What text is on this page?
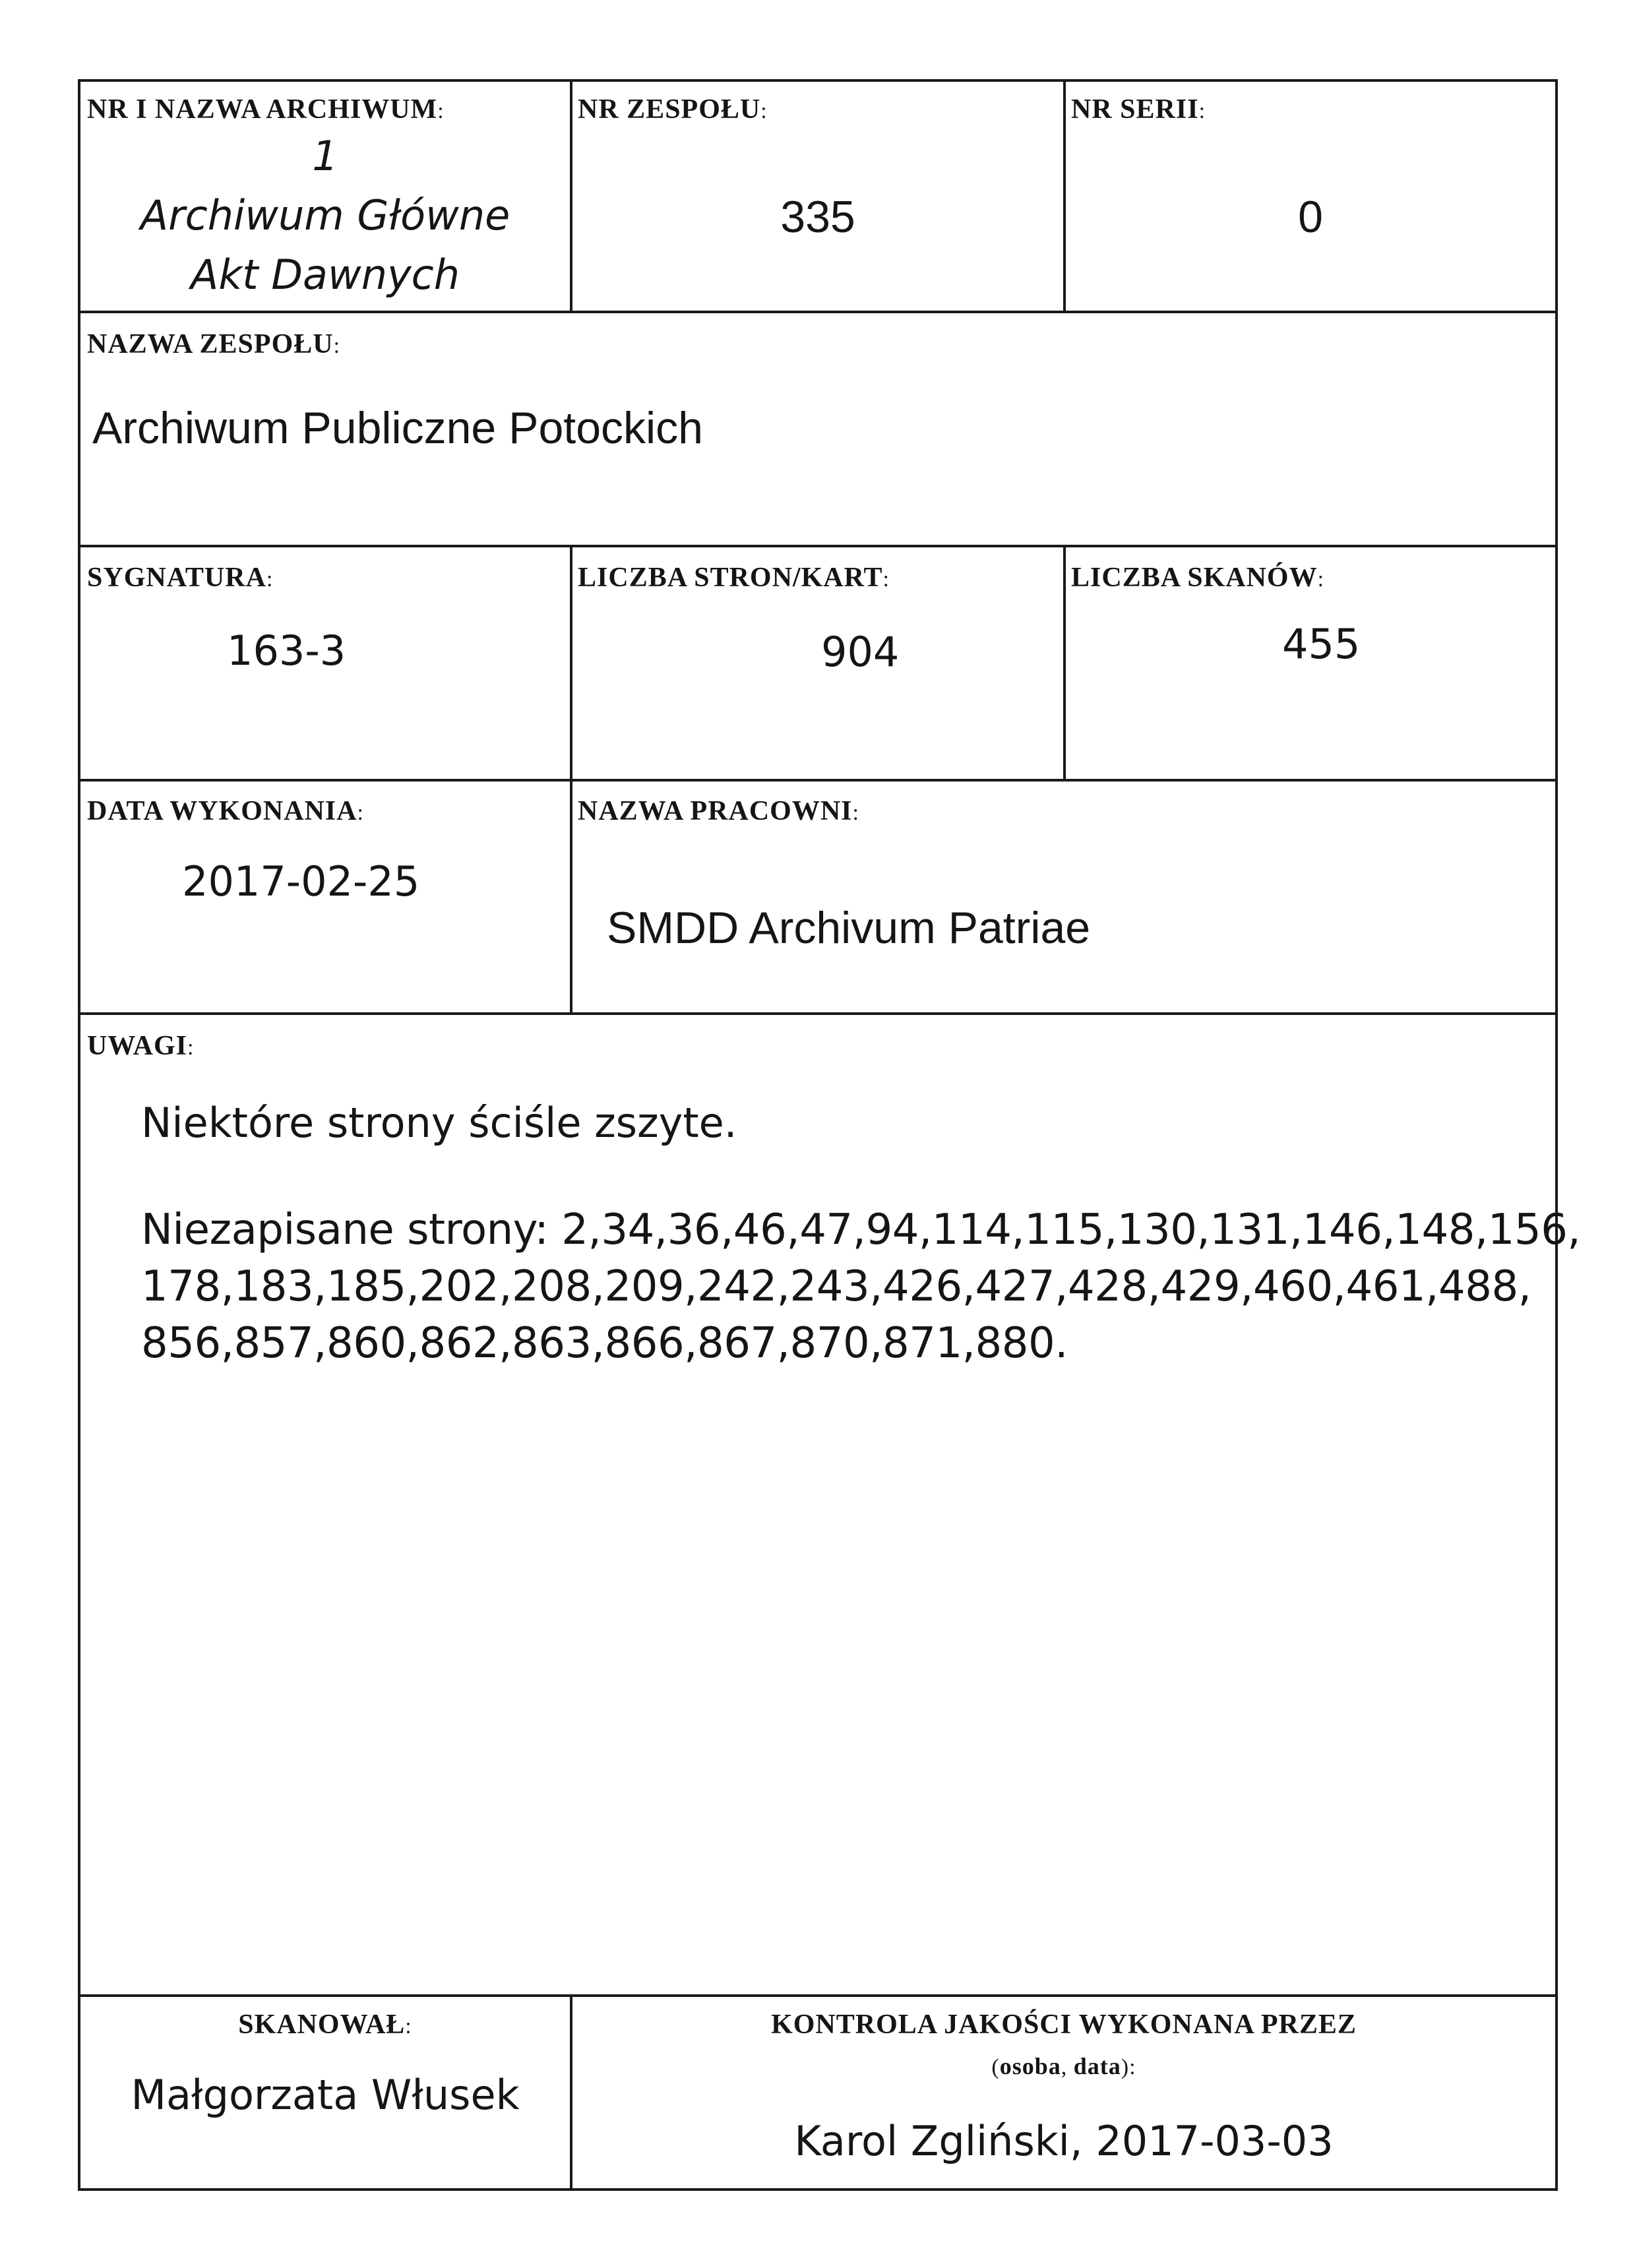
NR I NAZWA ARCHIWUM:
1
Archiwum Główne
Akt Dawnych
NR ZESPOŁU:
335
NR SERII:
0
NAZWA ZESPOŁU:
Archiwum Publiczne Potockich
SYGNATURA:
163-3
LICZBA STRON/KART:
904
LICZBA SKANÓW:
455
DATA WYKONANIA:
2017-02-25
NAZWA PRACOWNI:
SMDD Archivum Patriae
UWAGI:
Niektóre strony ściśle zszyte.
Niezapisane strony: 2,34,36,46,47,94,114,115,130,131,146,148,156,
178,183,185,202,208,209,242,243,426,427,428,429,460,461,488,
856,857,860,862,863,866,867,870,871,880.
SKANOWAŁ:
Małgorzata Włusek
KONTROLA JAKOŚCI WYKONANA PRZEZ
(osoba, data):
Karol Zgliński, 2017-03-03
